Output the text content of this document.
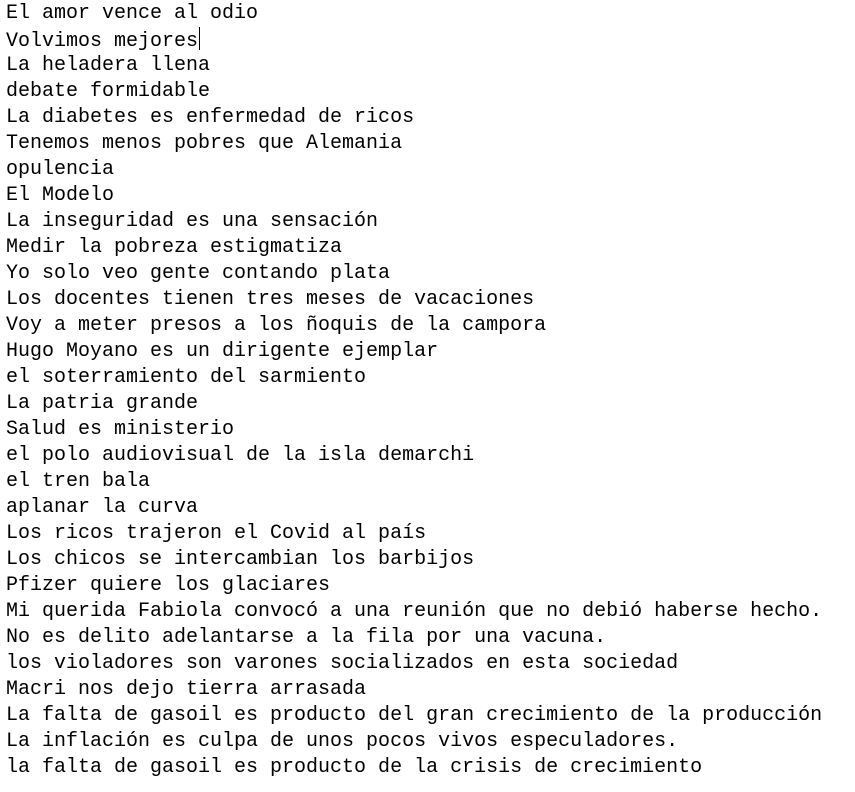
El amor vence al odio
Volvimos mejores
La heladera llena
debate formidable
La diabetes es enfermedad de ricos
Tenemos menos pobres que Alemania
opulencia
El Modelo
La inseguridad es una sensación
Medir la pobreza estigmatiza
Yo solo veo gente contando plata
Los docentes tienen tres meses de vacaciones
Voy a meter presos a los ñoquis de la campora
Hugo Moyano es un dirigente ejemplar
el soterramiento del sarmiento
La patria grande
Salud es ministerio
el polo audiovisual de la isla demarchi
el tren bala
aplanar la curva
Los ricos trajeron el Covid al país
Los chicos se intercambian los barbijos
Pfizer quiere los glaciares
Mi querida Fabiola convocó a una reunión que no debió haberse hecho.
No es delito adelantarse a la fila por una vacuna.
los violadores son varones socializados en esta sociedad
Macri nos dejo tierra arrasada
La falta de gasoil es producto del gran crecimiento de la producción
La inflación es culpa de unos pocos vivos especuladores.
la falta de gasoil es producto de la crisis de crecimiento
